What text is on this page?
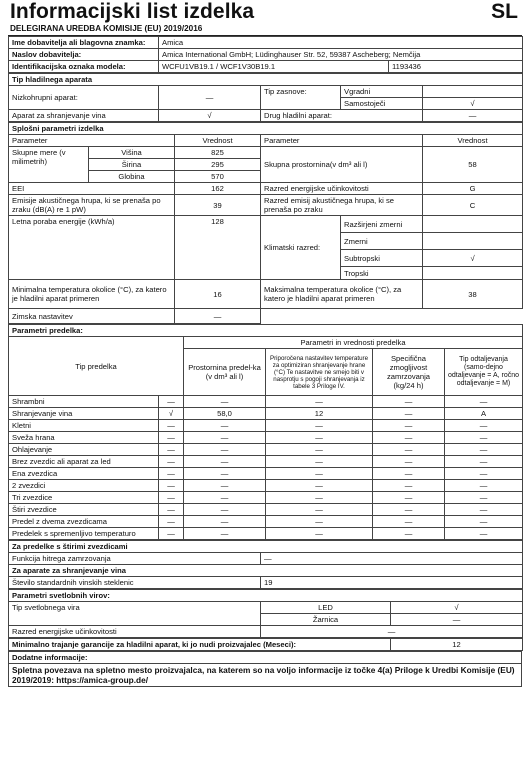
Informacijski list izdelka	SL
DELEGIRANA UREDBA KOMISIJE (EU) 2019/2016
Ime dobavitelja ali blagovna znamka:	Amica	
Naslov dobavitelja:	Amica International GmbH; Lüdinghauser Str. 52, 59387 Ascheberg; Nemčija	
Identifikacijska oznaka modela:	WCFU1VB19.1 / WCF1V30B19.1	1193436
Tip hladilnega aparata				
Nizkohrupni aparat:	—	Tip zasnove:	Vgradni	
			Samostoječi	√
Aparat za shranjevanje vina	√	Drug hladilni aparat:		—
Splošni parametri izdelka					
Parameter		Vrednost	Parameter		Vrednost
Skupne mere (v milimetrih)	Višina	825	Skupna prostornina(v dm³ ali l)		58
	Širina	295			
	Globina	570			
EEI		162	Razred energijske učinkovitosti		G
Emisije akustičnega hrupa, ki se prenaša po zraku (dB(A) re 1 pW)		39	Razred emisij akustičnega hrupa, ki se prenaša po zraku		C
Letna poraba energije (kWh/a)		128	Klimatski razred:	Razširjeni zmerni	
				Zmerni	
				Subtropski	√
				Tropski	
Minimalna temperatura okolice (°C), za katero je hladilni aparat primeren		16	Maksimalna temperatura okolice (°C), za katero je hladilni aparat primeren		38
Zimska nastavitev		—			
Parametri predelka:					
Tip predelka		Parametri in vrednosti predelka			
		Prostornina predel-ka (v dm³ ali l)	Priporočena nastavitev temperature za optimiziran shranjevanje hrane (°C) Te nastavitve ne smejo biti v nasprotju s pogoji shranjevanja iz tabele 3 Priloge IV.	Specifična zmogljivost zamrzovanja (kg/24 h)	Tip odtaljevanja (samo-dejno odtaljevanje = A, ročno odtaljevanje = M)
Shrambni	—	—	—	—	—
Shranjevanje vina	√	58,0	12	—	A
Kletni	—	—	—	—	—
Sveža hrana	—	—	—	—	—
Ohlajevanje	—	—	—	—	—
Brez zvezdic ali aparat za led	—	—	—	—	—
Ena zvezdica	—	—	—	—	—
2 zvezdici	—	—	—	—	—
Tri zvezdice	—	—	—	—	—
Štiri zvezdice	—	—	—	—	—
Predel z dvema zvezdicama	—	—	—	—	—
Predelek s spremenljivo temperaturo	—	—	—	—	—
Za predelke s štirimi zvezdicami	
Funkcija hitrega zamrzovanja	—
Za aparate za shranjevanje vina	
Število standardnih vinskih steklenic	19
Parametri svetlobnih virov:		
Tip svetlobnega vira	LED	√
	Žarnica	—
Razred energijske učinkovitosti	—	
Minimalno trajanje garancije za hladilni aparat, ki jo nudi proizvajalec (Meseci):	12
Dodatne informacije:
Spletna povezava na spletno mesto proizvajalca, na katerem so na voljo informacije iz točke 4(a) Priloge k Uredbi Komisije (EU) 2019/2019: https://amica-group.de/
